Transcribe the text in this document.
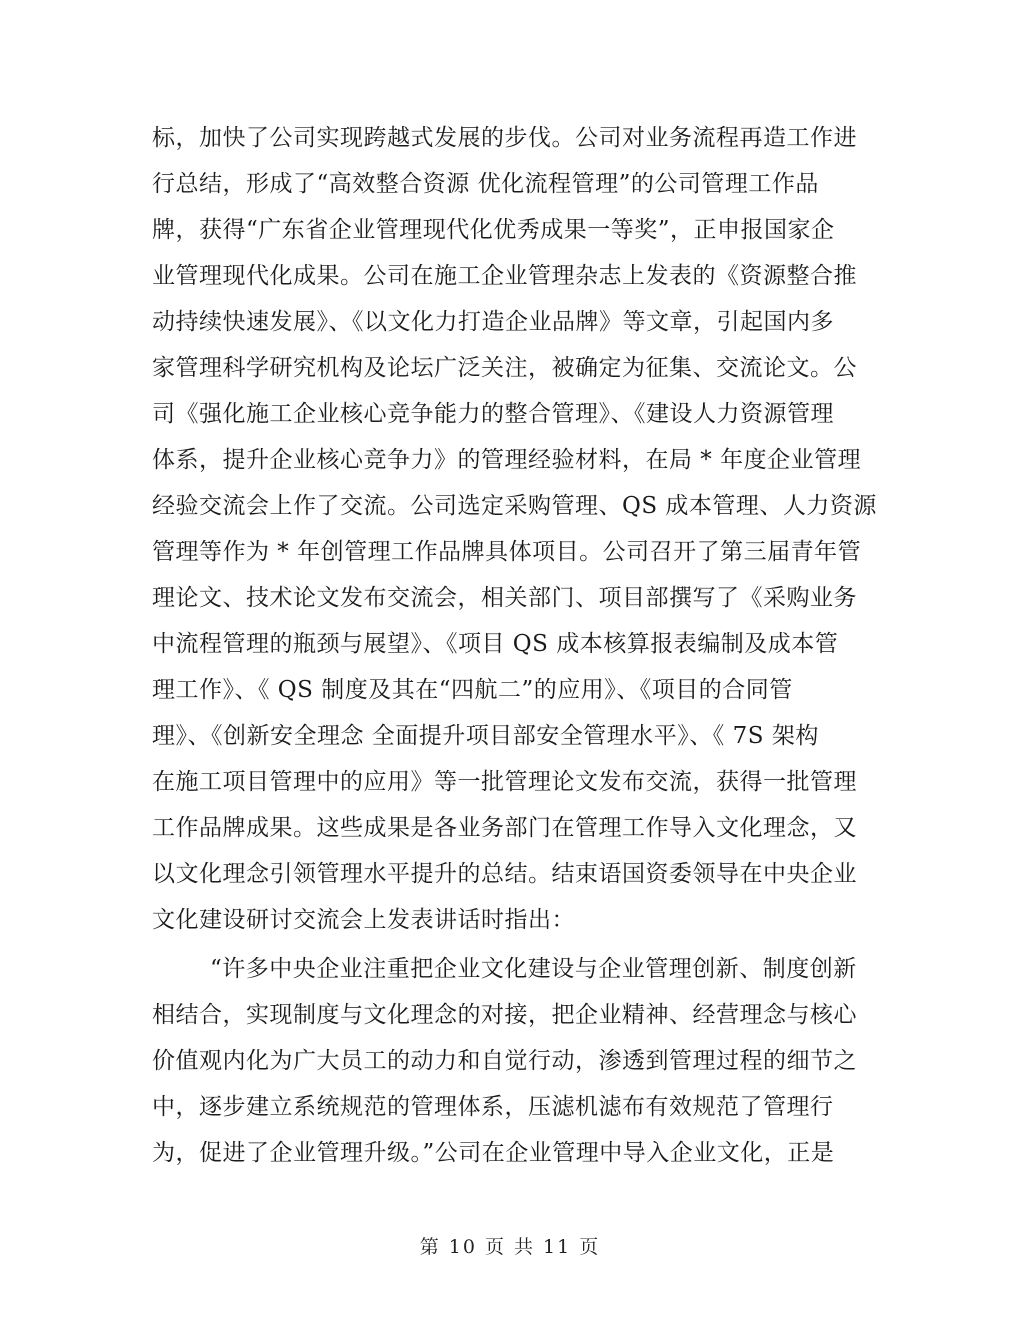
标，加快了公司实现跨越式发展的步伐。公司对业务流程再造工作进
行总结，形成了“高效整合资源 优化流程管理”的公司管理工作品
牌，获得“广东省企业管理现代化优秀成果一等奖”，正申报国家企
业管理现代化成果。公司在施工企业管理杂志上发表的《资源整合推
动持续快速发展》、《以文化力打造企业品牌》等文章，引起国内多
家管理科学研究机构及论坛广泛关注，被确定为征集、交流论文。公
司《强化施工企业核心竞争能力的整合管理》、《建设人力资源管理
体系，提升企业核心竞争力》的管理经验材料，在局 * 年度企业管理
经验交流会上作了交流。公司选定采购管理、QS 成本管理、人力资源
管理等作为 * 年创管理工作品牌具体项目。公司召开了第三届青年管
理论文、技术论文发布交流会，相关部门、项目部撰写了《采购业务
中流程管理的瓶颈与展望》、《项目 QS 成本核算报表编制及成本管
理工作》、《 QS 制度及其在“四航二”的应用》、《项目的合同管
理》、《创新安全理念 全面提升项目部安全管理水平》、《 7S 架构
在施工项目管理中的应用》等一批管理论文发布交流，获得一批管理
工作品牌成果。这些成果是各业务部门在管理工作导入文化理念，又
以文化理念引领管理水平提升的总结。结束语国资委领导在中央企业
文化建设研讨交流会上发表讲话时指出：
“许多中央企业注重把企业文化建设与企业管理创新、制度创新
相结合，实现制度与文化理念的对接，把企业精神、经营理念与核心
价值观内化为广大员工的动力和自觉行动，渗透到管理过程的细节之
中，逐步建立系统规范的管理体系，压滤机滤布有效规范了管理行
为，促进了企业管理升级。”公司在企业管理中导入企业文化，正是
第 10 页 共 11 页
